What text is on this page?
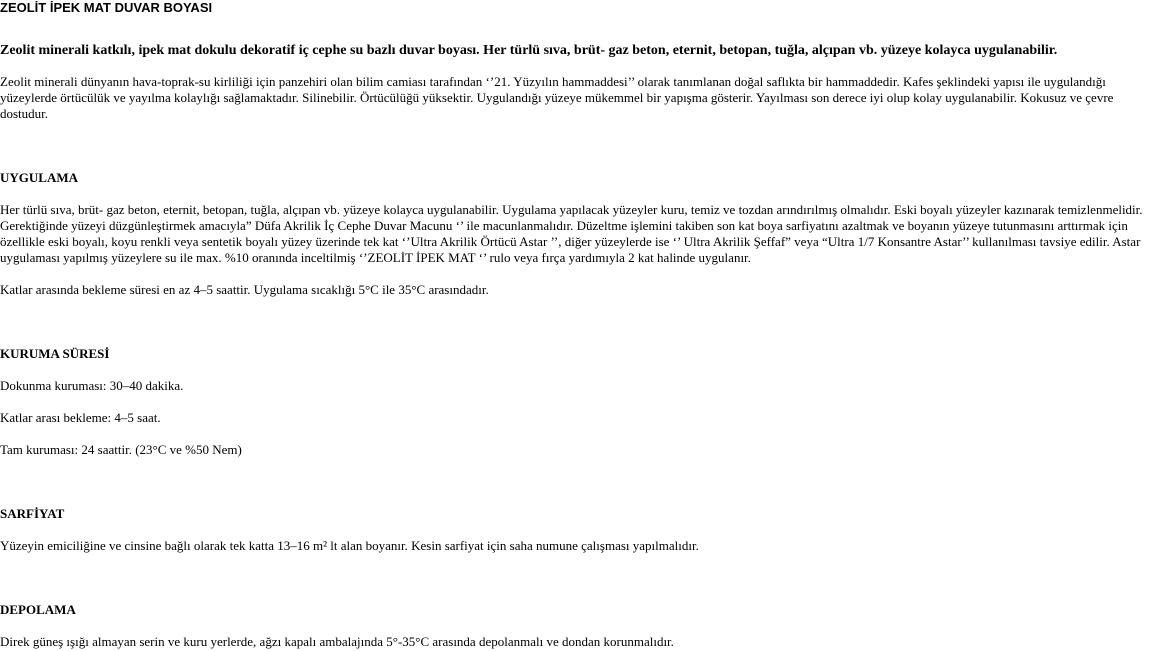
ZEOLİT İPEK MAT DUVAR BOYASI

Zeolit minerali katkılı, ipek mat dokulu dekoratif iç cephe su bazlı duvar boyası. Her türlü sıva, brüt- gaz beton, eternit, betopan, tuğla, alçıpan vb. yüzeye kolayca uygulanabilir.

Zeolit minerali dünyanın hava-toprak-su kirliliği için panzehiri olan bilim camiası tarafından ‘’21. Yüzyılın hammaddesi’’ olarak tanımlanan doğal saflıkta bir hammaddedir. Kafes şeklindeki yapısı ile uygulandığı yüzeylerde örtücülük ve yayılma kolaylığı sağlamaktadır. Silinebilir. Örtücülüğü yüksektir. Uygulandığı yüzeye mükemmel bir yapışma gösterir. Yayılması son derece iyi olup kolay uygulanabilir. Kokusuz ve çevre dostudur.

UYGULAMA

Her türlü sıva, brüt- gaz beton, eternit, betopan, tuğla, alçıpan vb. yüzeye kolayca uygulanabilir. Uygulama yapılacak yüzeyler kuru, temiz ve tozdan arındırılmış olmalıdır. Eski boyalı yüzeyler kazınarak temizlenmelidir. Gerektiğinde yüzeyi düzgünleştirmek amacıyla” Düfa Akrilik İç Cephe Duvar Macunu ‘’ ile macunlanmalıdır. Düzeltme işlemini takiben son kat boya sarfiyatını azaltmak ve boyanın yüzeye tutunmasını arttırmak için özellikle eski boyalı, koyu renkli veya sentetik boyalı yüzey üzerinde tek kat ‘’Ultra Akrilik Örtücü Astar ’’, diğer yüzeylerde ise ‘’ Ultra Akrilik Şeffaf” veya “Ultra 1/7 Konsantre Astar’’ kullanılması tavsiye edilir. Astar uygulaması yapılmış yüzeylere su ile max. %10 oranında inceltilmiş ‘’ZEOLİT İPEK MAT ‘’ rulo veya fırça yardımıyla 2 kat halinde uygulanır.

Katlar arasında bekleme süresi en az 4–5 saattir. Uygulama sıcaklığı 5°C ile 35°C arasındadır.

KURUMA SÜRESİ

Dokunma kuruması: 30–40 dakika.

Katlar arası bekleme: 4–5 saat.

Tam kuruması: 24 saattir. (23°C ve %50 Nem)

SARFİYAT

Yüzeyin emiciliğine ve cinsine bağlı olarak tek katta 13–16 m² lt alan boyanır. Kesin sarfiyat için saha numune çalışması yapılmalıdır.

DEPOLAMA

Direk güneş ışığı almayan serin ve kuru yerlerde, ağzı kapalı ambalajında 5°-35°C arasında depolanmalı ve dondan korunmalıdır.
